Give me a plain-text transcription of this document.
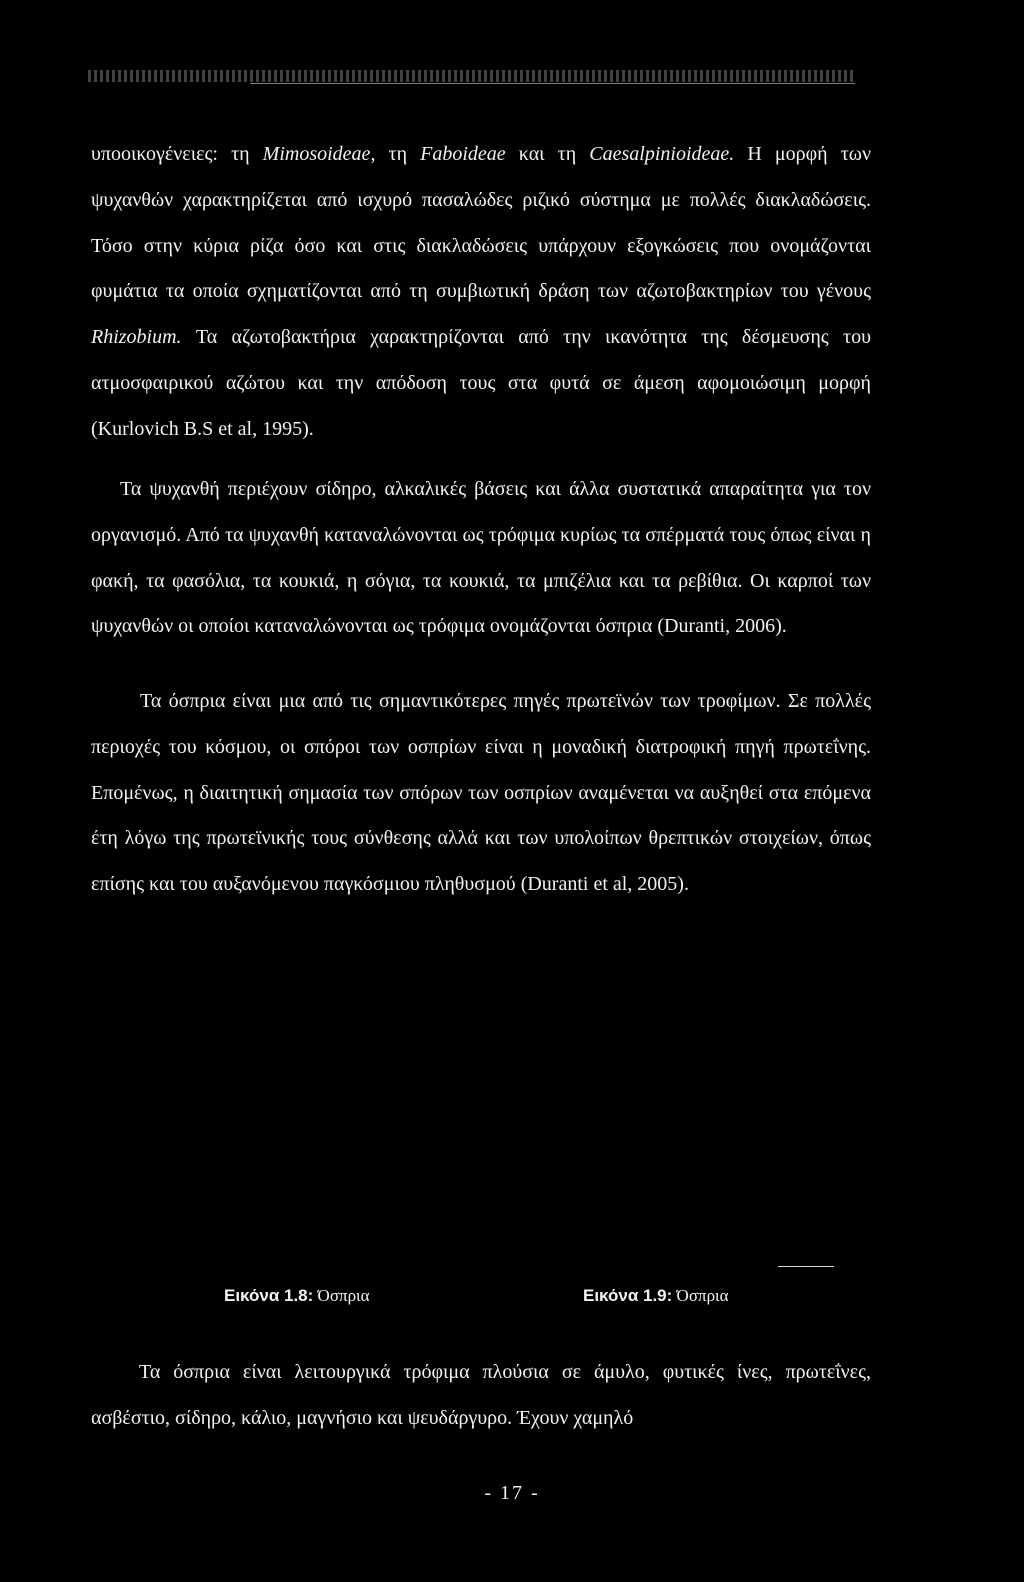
υποοικογένειες: τη Mimosoideae, τη Faboideae και τη Caesalpinioideae. Η μορφή των ψυχανθών χαρακτηρίζεται από ισχυρό πασαλώδες ριζικό σύστημα με πολλές διακλαδώσεις. Τόσο στην κύρια ρίζα όσο και στις διακλαδώσεις υπάρχουν εξογκώσεις που ονομάζονται φυμάτια τα οποία σχηματίζονται από τη συμβιωτική δράση των αζωτοβακτηρίων του γένους Rhizobium. Τα αζωτοβακτήρια χαρακτηρίζονται από την ικανότητα της δέσμευσης του ατμοσφαιρικού αζώτου και την απόδοση τους στα φυτά σε άμεση αφομοιώσιμη μορφή (Kurlovich B.S et al, 1995).

Τα ψυχανθή περιέχουν σίδηρο, αλκαλικές βάσεις και άλλα συστατικά απαραίτητα για τον οργανισμό. Από τα ψυχανθή καταναλώνονται ως τρόφιμα κυρίως τα σπέρματά τους όπως είναι η φακή, τα φασόλια, τα κουκιά, η σόγια, τα κουκιά, τα μπιζέλια και τα ρεβίθια. Οι καρποί των ψυχανθών οι οποίοι καταναλώνονται ως τρόφιμα ονομάζονται όσπρια (Duranti, 2006).

Τα όσπρια είναι μια από τις σημαντικότερες πηγές πρωτεϊνών των τροφίμων. Σε πολλές περιοχές του κόσμου, οι σπόροι των οσπρίων είναι η μοναδική διατροφική πηγή πρωτεΐνης. Επομένως, η διαιτητική σημασία των σπόρων των οσπρίων αναμένεται να αυξηθεί στα επόμενα έτη λόγω της πρωτεϊνικής τους σύνθεσης αλλά και των υπολοίπων θρεπτικών στοιχείων, όπως επίσης και του αυξανόμενου παγκόσμιου πληθυσμού (Duranti et al, 2005).

Εικόνα 1.8: Όσπρια	Εικόνα 1.9: Όσπρια

Τα όσπρια είναι λειτουργικά τρόφιμα πλούσια σε άμυλο, φυτικές ίνες, πρωτεΐνες, ασβέστιο, σίδηρο, κάλιο, μαγνήσιο και ψευδάργυρο. Έχουν χαμηλό

- 17 -
